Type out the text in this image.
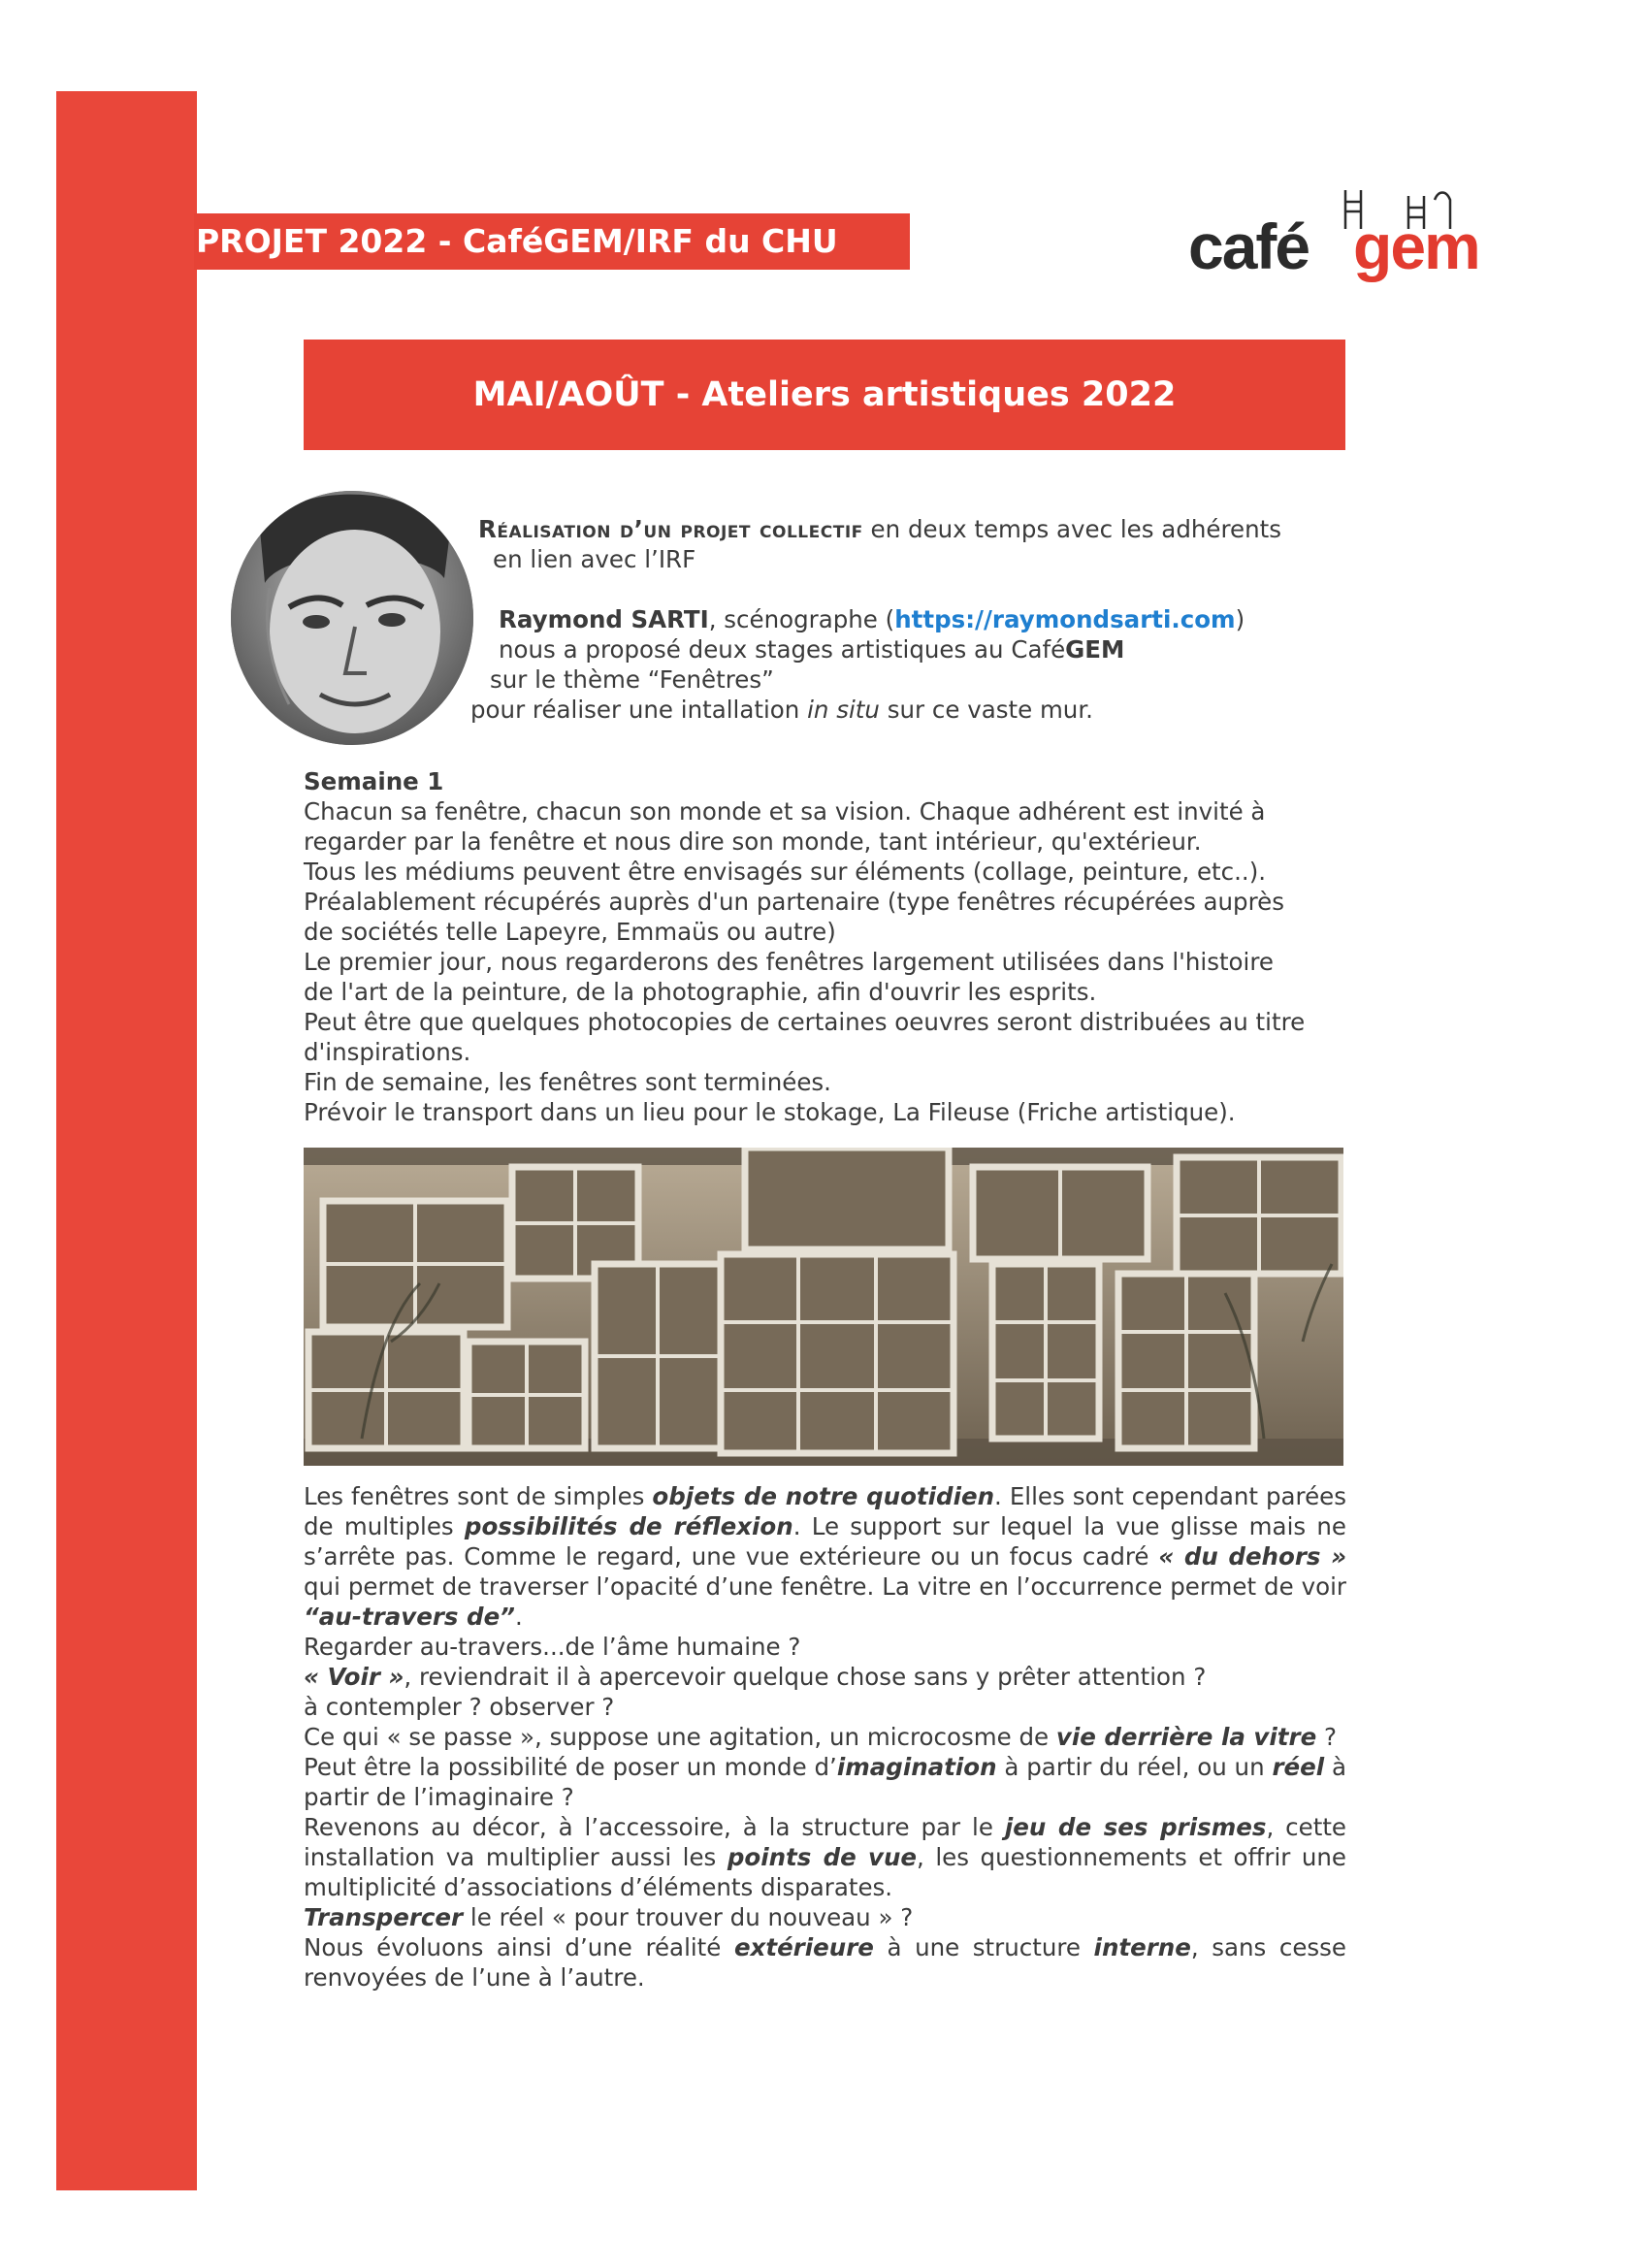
PROJET 2022 - CaféGEM/IRF du CHU	café gem
MAI/AOÛT - Ateliers artistiques 2022

Réalisation d’un projet collectif en deux temps avec les adhérents

en lien avec l’IRF

Raymond SARTI, scénographe (https://raymondsarti.com)

nous a proposé deux stages artistiques au CaféGEM

sur le thème “Fenêtres”

pour réaliser une intallation in situ sur ce vaste mur.

Semaine 1

Chacun sa fenêtre, chacun son monde et sa vision. Chaque adhérent est invité à

regarder par la fenêtre et nous dire son monde, tant intérieur, qu'extérieur.

Tous les médiums peuvent être envisagés sur éléments (collage, peinture, etc..).

Préalablement récupérés auprès d'un partenaire (type fenêtres récupérées auprès

de sociétés telle Lapeyre, Emmaüs ou autre)

Le premier jour, nous regarderons des fenêtres largement utilisées dans l'histoire

de l'art de la peinture, de la photographie, afin d'ouvrir les esprits.

Peut être que quelques photocopies de certaines oeuvres seront distribuées au titre

d'inspirations.

Fin de semaine, les fenêtres sont terminées.

Prévoir le transport dans un lieu pour le stokage, La Fileuse (Friche artistique).

Les fenêtres sont de simples objets de notre quotidien. Elles sont cependant parées de multiples possibilités de réflexion. Le support sur lequel la vue glisse mais ne s’arrête pas. Comme le regard, une vue extérieure ou un focus cadré « du dehors » qui permet de traverser l’opacité d’une fenêtre. La vitre en l’occurrence permet de voir “au-travers de”.

Regarder au-travers...de l’âme humaine ?

« Voir », reviendrait il à apercevoir quelque chose sans y prêter attention ?

à contempler ? observer ?

Ce qui « se passe », suppose une agitation, un microcosme de vie derrière la vitre ?

Peut être la possibilité de poser un monde d’imagination à partir du réel, ou un réel à partir de l’imaginaire ?

Revenons au décor, à l’accessoire, à la structure par le jeu de ses prismes, cette installation va multiplier aussi les points de vue, les questionnements et offrir une multiplicité d’associations d’éléments disparates.

Transpercer le réel « pour trouver du nouveau » ?

Nous évoluons ainsi d’une réalité extérieure à une structure interne, sans cesse renvoyées de l’une à l’autre.
